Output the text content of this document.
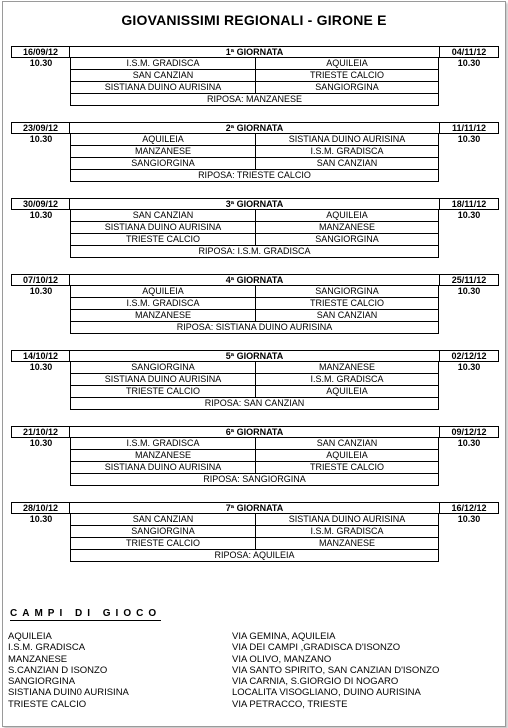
GIOVANISSIMI REGIONALI - GIRONE E
16/09/12	1ª GIORNATA	04/11/12
10.30	10.30
I.S.M. GRADISCA	AQUILEIA
SAN CANZIAN	TRIESTE CALCIO
SISTIANA DUINO AURISINA	SANGIORGINA
RIPOSA: MANZANESE
23/09/12	2ª GIORNATA	11/11/12
10.30	10.30
AQUILEIA	SISTIANA DUINO AURISINA
MANZANESE	I.S.M. GRADISCA
SANGIORGINA	SAN CANZIAN
RIPOSA: TRIESTE CALCIO
30/09/12	3ª GIORNATA	18/11/12
10.30	10.30
SAN CANZIAN	AQUILEIA
SISTIANA DUINO AURISINA	MANZANESE
TRIESTE CALCIO	SANGIORGINA
RIPOSA: I.S.M. GRADISCA
07/10/12	4ª GIORNATA	25/11/12
10.30	10.30
AQUILEIA	SANGIORGINA
I.S.M. GRADISCA	TRIESTE CALCIO
MANZANESE	SAN CANZIAN
RIPOSA: SISTIANA DUINO AURISINA
14/10/12	5ª GIORNATA	02/12/12
10.30	10.30
SANGIORGINA	MANZANESE
SISTIANA DUINO AURISINA	I.S.M. GRADISCA
TRIESTE CALCIO	AQUILEIA
RIPOSA: SAN CANZIAN
21/10/12	6ª GIORNATA	09/12/12
10.30	10.30
I.S.M. GRADISCA	SAN CANZIAN
MANZANESE	AQUILEIA
SISTIANA DUINO AURISINA	TRIESTE CALCIO
RIPOSA: SANGIORGINA
28/10/12	7ª GIORNATA	16/12/12
10.30	10.30
SAN CANZIAN	SISTIANA DUINO AURISINA
SANGIORGINA	I.S.M. GRADISCA
TRIESTE CALCIO	MANZANESE
RIPOSA: AQUILEIA
CAMPI DI GIOCO
AQUILEIA	VIA GEMINA, AQUILEIA
I.S.M. GRADISCA	VIA DEI CAMPI ,GRADISCA D'ISONZO
MANZANESE	VIA OLIVO, MANZANO
S.CANZIAN D ISONZO	VIA SANTO SPIRITO, SAN CANZIAN D'ISONZO
SANGIORGINA	VIA CARNIA, S.GIORGIO DI NOGARO
SISTIANA DUIN0 AURISINA	LOCALITA VISOGLIANO, DUINO AURISINA
TRIESTE CALCIO	VIA PETRACCO, TRIESTE
